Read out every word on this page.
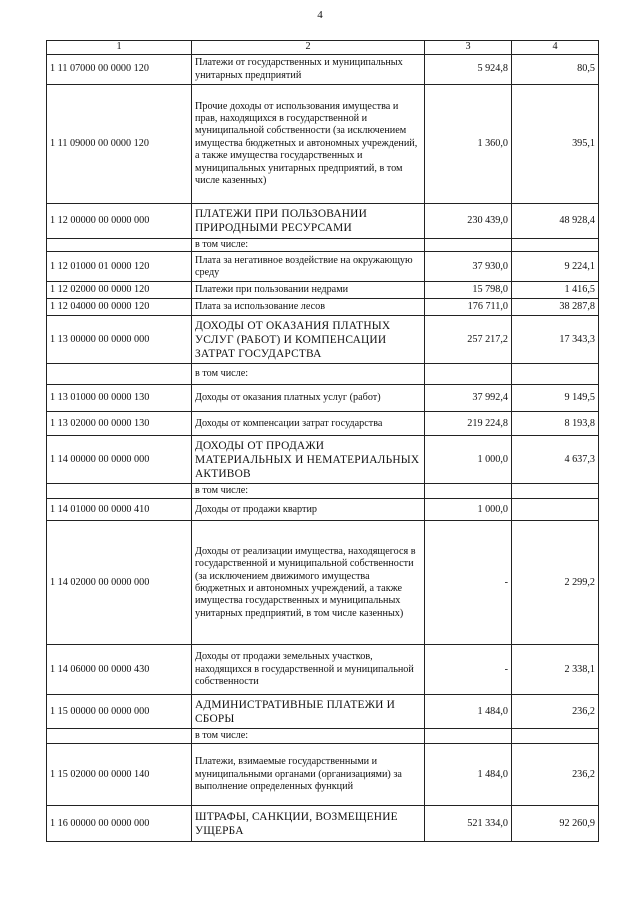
4
1	2	3	4
1 11 07000 00 0000 120	Платежи от государственных и муниципальных унитарных предприятий	5 924,8	80,5
1 11 09000 00 0000 120	Прочие доходы от использования имущества и прав, находящихся в государственной и муниципальной собственности (за исключением имущества бюджетных и автономных учреждений, а также имущества государственных и муниципальных унитарных предприятий, в том числе казенных)	1 360,0	395,1
1 12 00000 00 0000 000	ПЛАТЕЖИ ПРИ ПОЛЬЗОВАНИИ ПРИРОДНЫМИ РЕСУРСАМИ	230 439,0	48 928,4
	в том числе:		
1 12 01000 01 0000 120	Плата за негативное воздействие на окружающую среду	37 930,0	9 224,1
1 12 02000 00 0000 120	Платежи при пользовании недрами	15 798,0	1 416,5
1 12 04000 00 0000 120	Плата за использование лесов	176 711,0	38 287,8
1 13 00000 00 0000 000	ДОХОДЫ ОТ ОКАЗАНИЯ ПЛАТНЫХ УСЛУГ (РАБОТ) И КОМПЕНСАЦИИ ЗАТРАТ ГОСУДАРСТВА	257 217,2	17 343,3
	в том числе:		
1 13 01000 00 0000 130	Доходы от оказания платных услуг (работ)	37 992,4	9 149,5
1 13 02000 00 0000 130	Доходы от компенсации затрат государства	219 224,8	8 193,8
1 14 00000 00 0000 000	ДОХОДЫ ОТ ПРОДАЖИ МАТЕРИАЛЬНЫХ И НЕМАТЕРИАЛЬНЫХ АКТИВОВ	1 000,0	4 637,3
	в том числе:		
1 14 01000 00 0000 410	Доходы от продажи квартир	1 000,0	
1 14 02000 00 0000 000	Доходы от реализации имущества, находящегося в государственной и муниципальной собственности (за исключением движимого имущества бюджетных и автономных учреждений, а также имущества государственных и муниципальных унитарных предприятий, в том числе казенных)	-	2 299,2
1 14 06000 00 0000 430	Доходы от продажи земельных участков, находящихся в государственной и муниципальной собственности	-	2 338,1
1 15 00000 00 0000 000	АДМИНИСТРАТИВНЫЕ ПЛАТЕЖИ И СБОРЫ	1 484,0	236,2
	в том числе:		
1 15 02000 00 0000 140	Платежи, взимаемые государственными и муниципальными органами (организациями) за выполнение определенных функций	1 484,0	236,2
1 16 00000 00 0000 000	ШТРАФЫ, САНКЦИИ, ВОЗМЕЩЕНИЕ УЩЕРБА	521 334,0	92 260,9
